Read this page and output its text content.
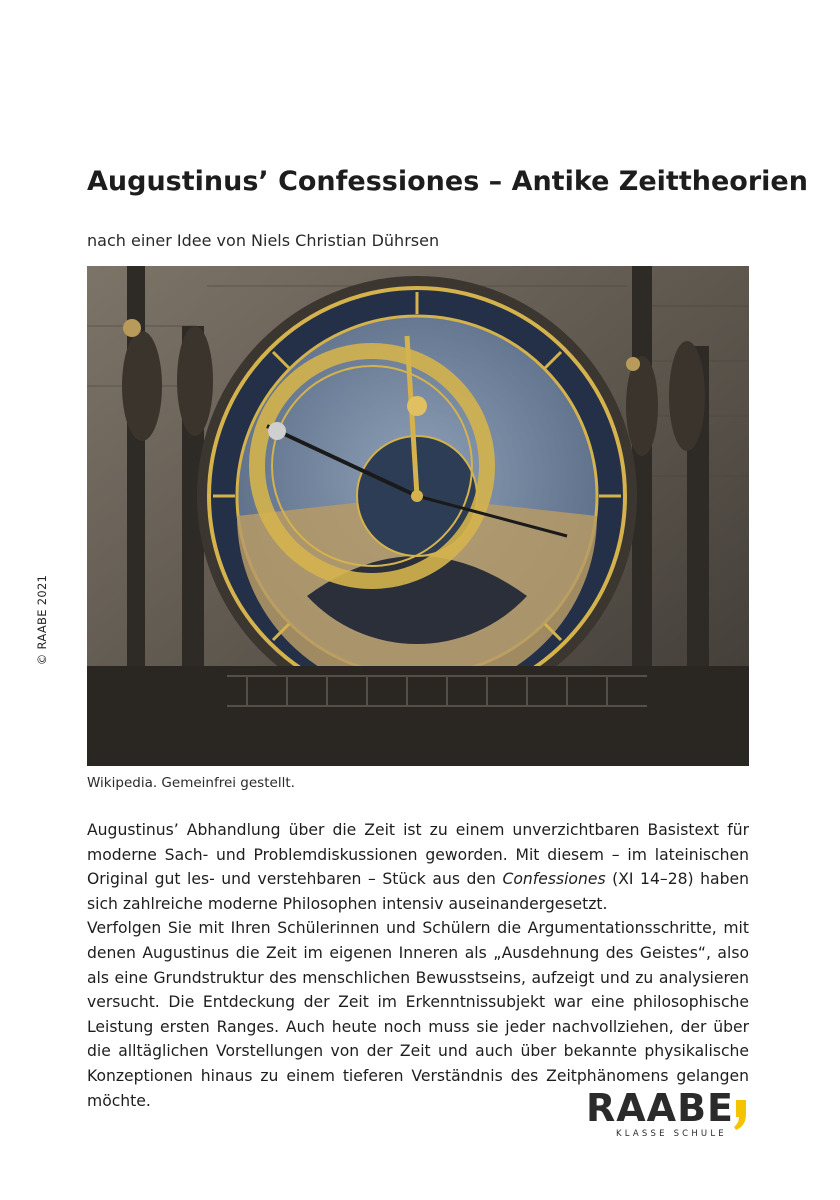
© RAABE 2021
Augustinus’ Confessiones – Antike Zeittheorien
nach einer Idee von Niels Christian Dührsen
Wikipedia. Gemeinfrei gestellt.

Augustinus’ Abhandlung über die Zeit ist zu einem unverzichtbaren Basistext für moderne Sach- und Problemdiskussionen geworden. Mit diesem – im lateinischen Original gut les- und verstehbaren – Stück aus den Confessiones (XI 14–28) haben sich zahlreiche moderne Philosophen intensiv auseinandergesetzt.

Verfolgen Sie mit Ihren Schülerinnen und Schülern die Argumentationsschritte, mit denen Augustinus die Zeit im eigenen Inneren als „Ausdehnung des Geistes“, also als eine Grundstruktur des menschlichen Bewusstseins, aufzeigt und zu analysieren versucht. Die Entdeckung der Zeit im Erkenntnissubjekt war eine philosophische Leistung ersten Ranges. Auch heute noch muss sie jeder nachvollziehen, der über die alltäglichen Vorstellungen von der Zeit und auch über bekannte physikalische Konzeptionen hinaus zu einem tieferen Verständnis des Zeitphänomens gelangen möchte.	RAABE
KLASSE SCHULE
